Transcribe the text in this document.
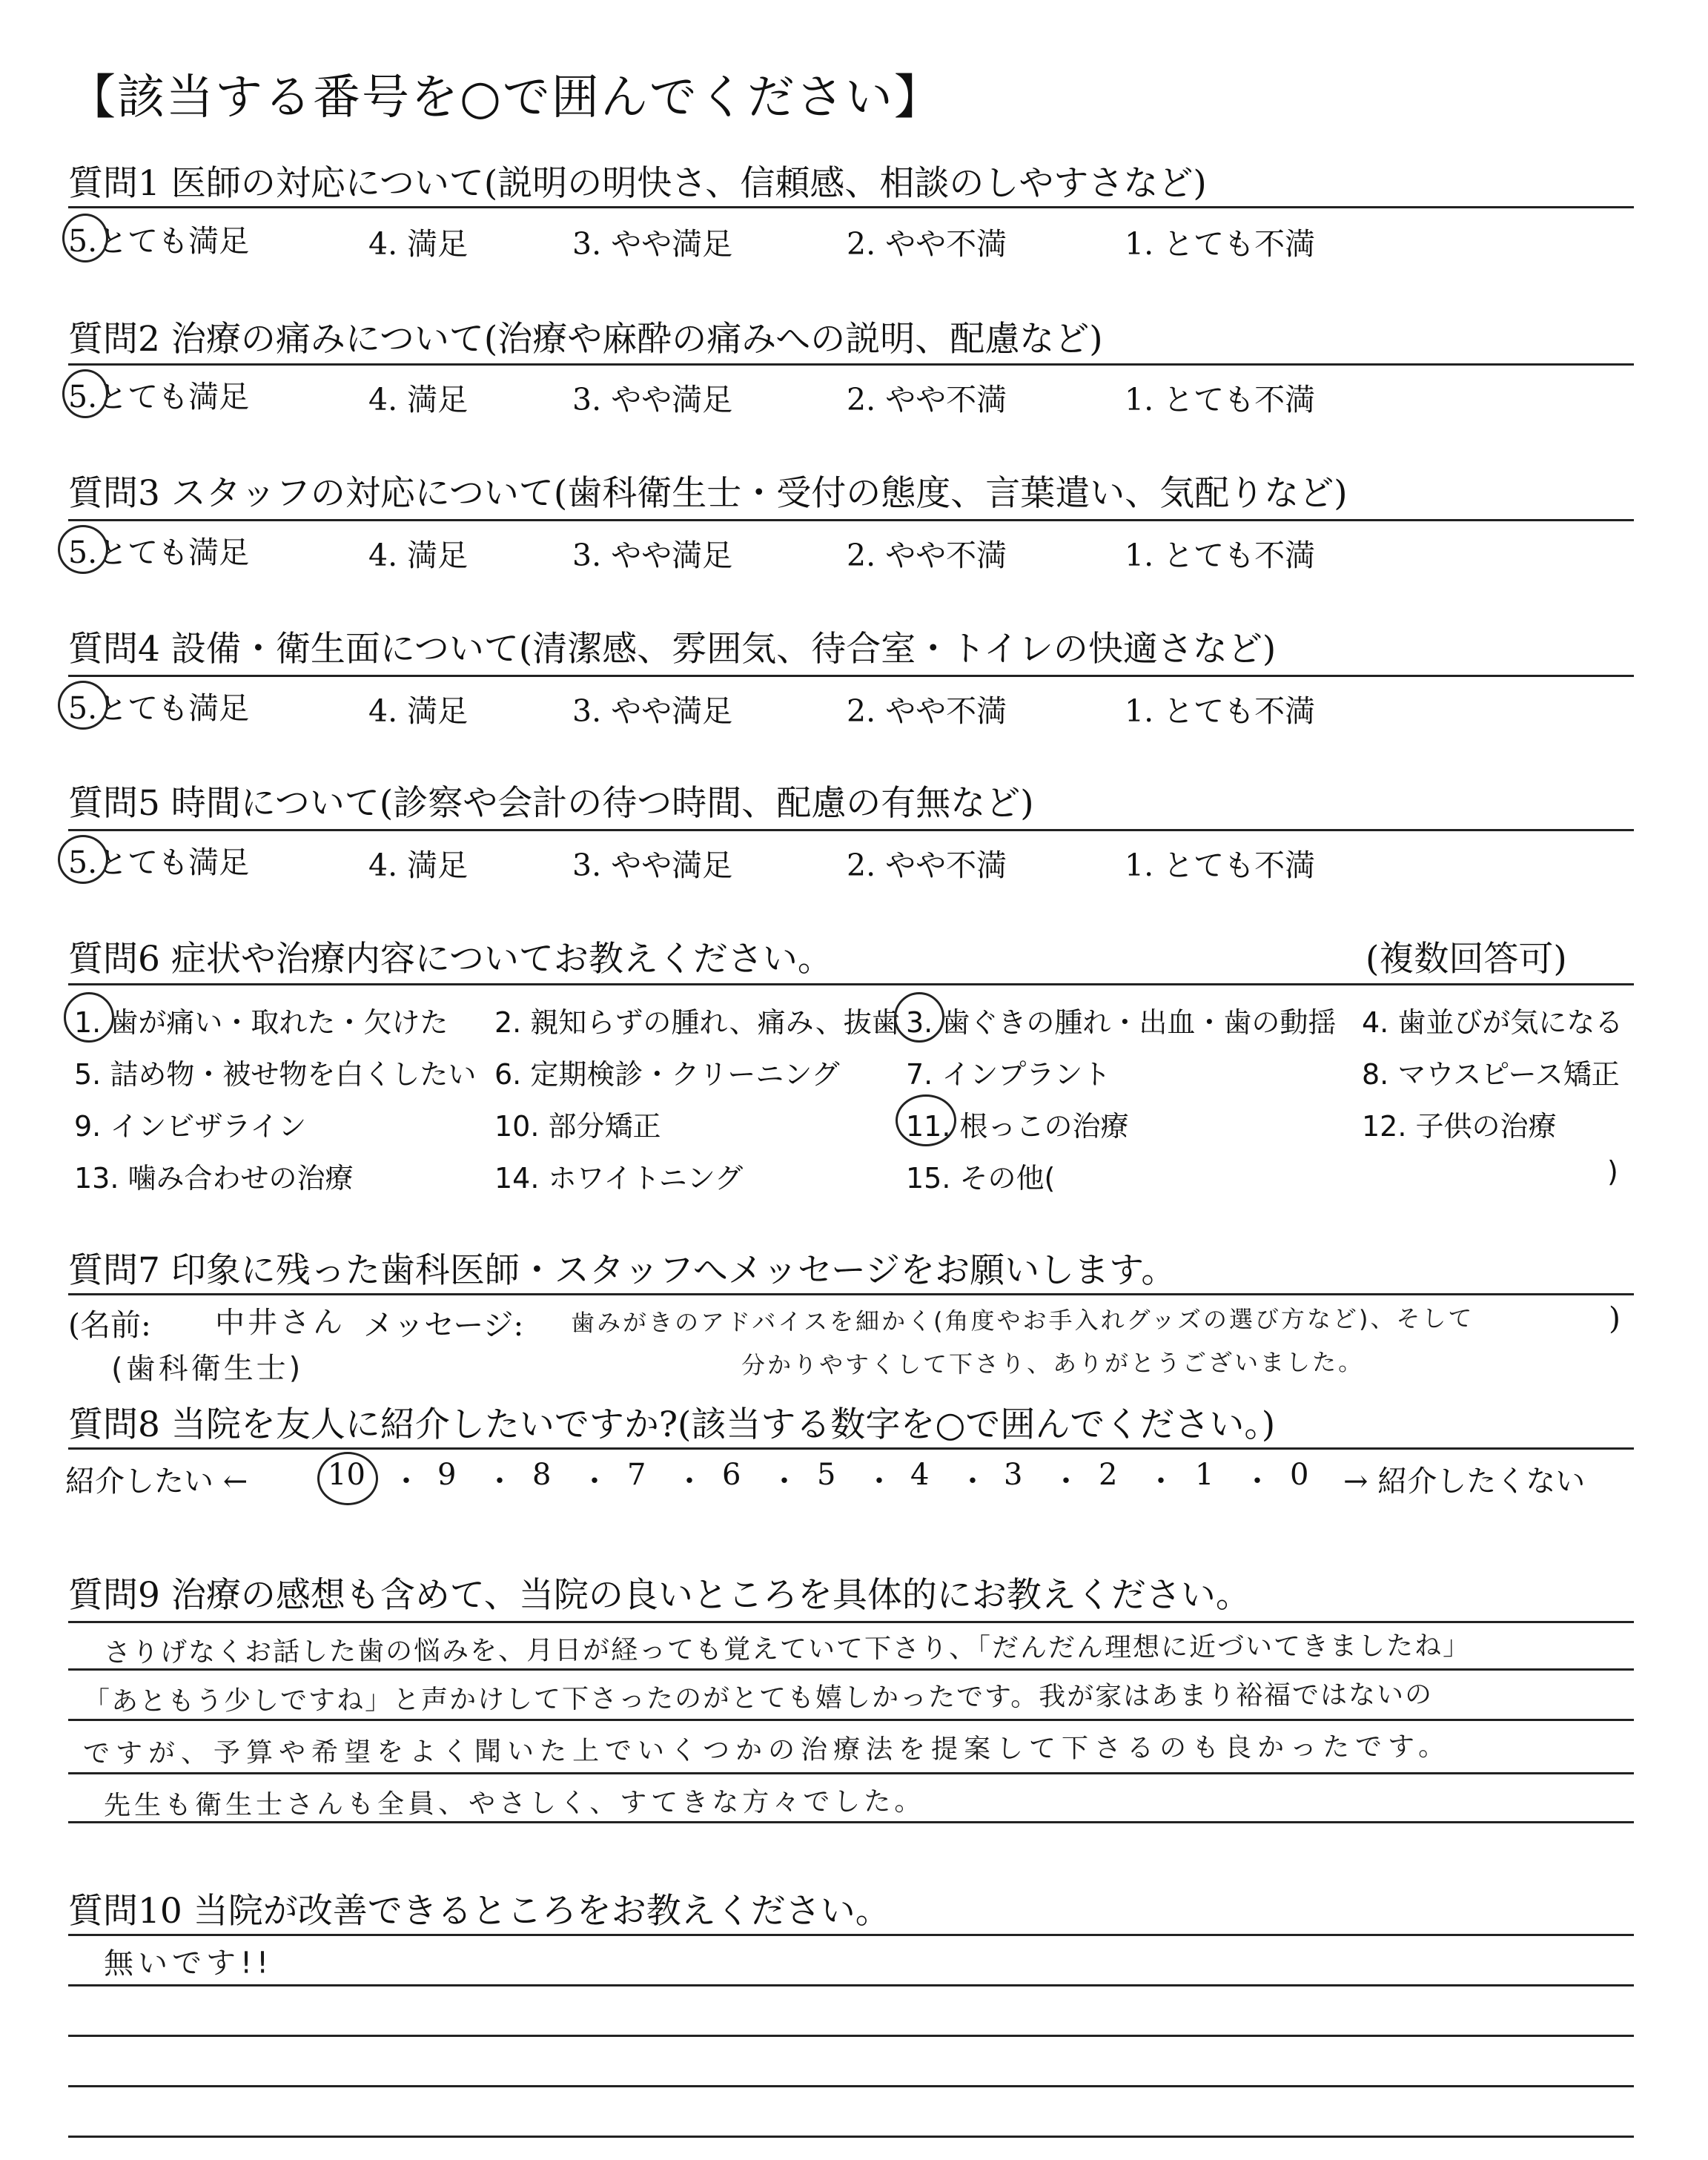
【該当する番号を○で囲んでください】
質問1 医師の対応について(説明の明快さ、信頼感、相談のしやすさなど)
5.とても満足	4. 満足	3. やや満足	2. やや不満	1. とても不満
質問2 治療の痛みについて(治療や麻酔の痛みへの説明、配慮など)
5.とても満足	4. 満足	3. やや満足	2. やや不満	1. とても不満
質問3 スタッフの対応について(歯科衛生士・受付の態度、言葉遣い、気配りなど)
5.とても満足	4. 満足	3. やや満足	2. やや不満	1. とても不満
質問4 設備・衛生面について(清潔感、雰囲気、待合室・トイレの快適さなど)
5.とても満足	4. 満足	3. やや満足	2. やや不満	1. とても不満
質問5 時間について(診察や会計の待つ時間、配慮の有無など)
5.とても満足	4. 満足	3. やや満足	2. やや不満	1. とても不満
質問6 症状や治療内容についてお教えください。	(複数回答可)
1. 歯が痛い・取れた・欠けた 2. 親知らずの腫れ、痛み、抜歯 3. 歯ぐきの腫れ・出血・歯の動揺 4. 歯並びが気になる
5. 詰め物・被せ物を白くしたい 6. 定期検診・クリーニング 7. インプラント	8. マウスピース矯正
9. インビザライン	10. 部分矯正	11. 根っこの治療	12. 子供の治療
13. 噛み合わせの治療	14. ホワイトニング	15. その他(	)
質問7 印象に残った歯科医師・スタッフへメッセージをお願いします。
(名前: 中井さん
(歯科衛生士)
メッセージ: 歯みがきのアドバイスを細かく(角度やお手入れグッズの選び方など)、そして
分かりやすくして下さり、ありがとうございました。
)
質問8 当院を友人に紹介したいですか?(該当する数字を○で囲んでください。)
紹介したい ←	10 ・ 9 ・ 8 ・ 7 ・ 6 ・ 5 ・ 4 ・ 3 ・ 2 ・ 1 ・ 0 → 紹介したくない
質問9 治療の感想も含めて、当院の良いところを具体的にお教えください。
さりげなくお話した歯の悩みを、月日が経っても覚えていて下さり、「だんだん理想に近づいてきましたね」
「あともう少しですね」と声かけして下さったのがとても嬉しかったです。我が家はあまり裕福ではないの
ですが、予算や希望をよく聞いた上でいくつかの治療法を提案して下さるのも良かったです。
先生も衛生士さんも全員、やさしく、すてきな方々でした。
質問10 当院が改善できるところをお教えください。
無いです!!
